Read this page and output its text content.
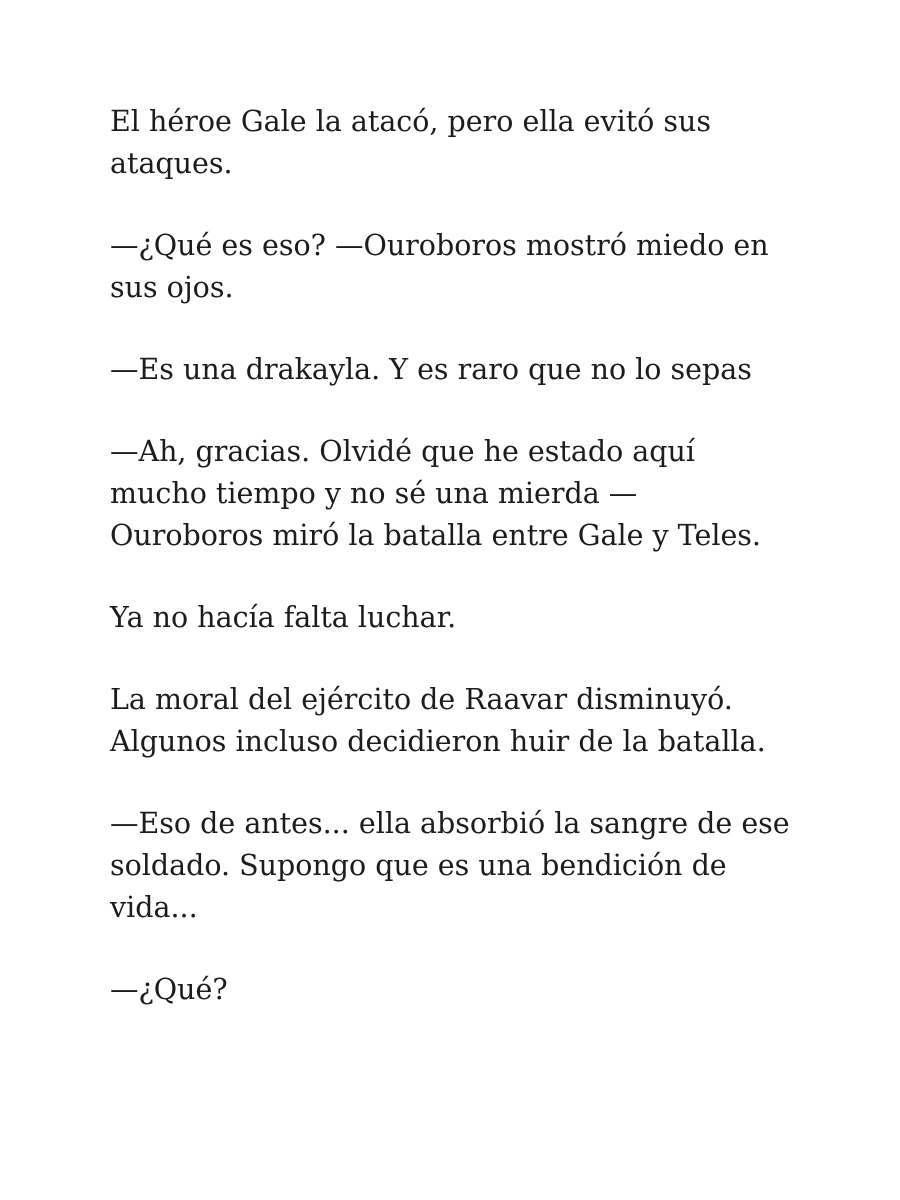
El héroe Gale la atacó, pero ella evitó sus ataques.

—¿Qué es eso? —Ouroboros mostró miedo en sus ojos.

—Es una drakayla. Y es raro que no lo sepas

—Ah, gracias. Olvidé que he estado aquí mucho tiempo y no sé una mierda —Ouroboros miró la batalla entre Gale y Teles.

Ya no hacía falta luchar.

La moral del ejército de Raavar disminuyó. Algunos incluso decidieron huir de la batalla.

—Eso de antes... ella absorbió la sangre de ese soldado. Supongo que es una bendición de vida...

—¿Qué?
